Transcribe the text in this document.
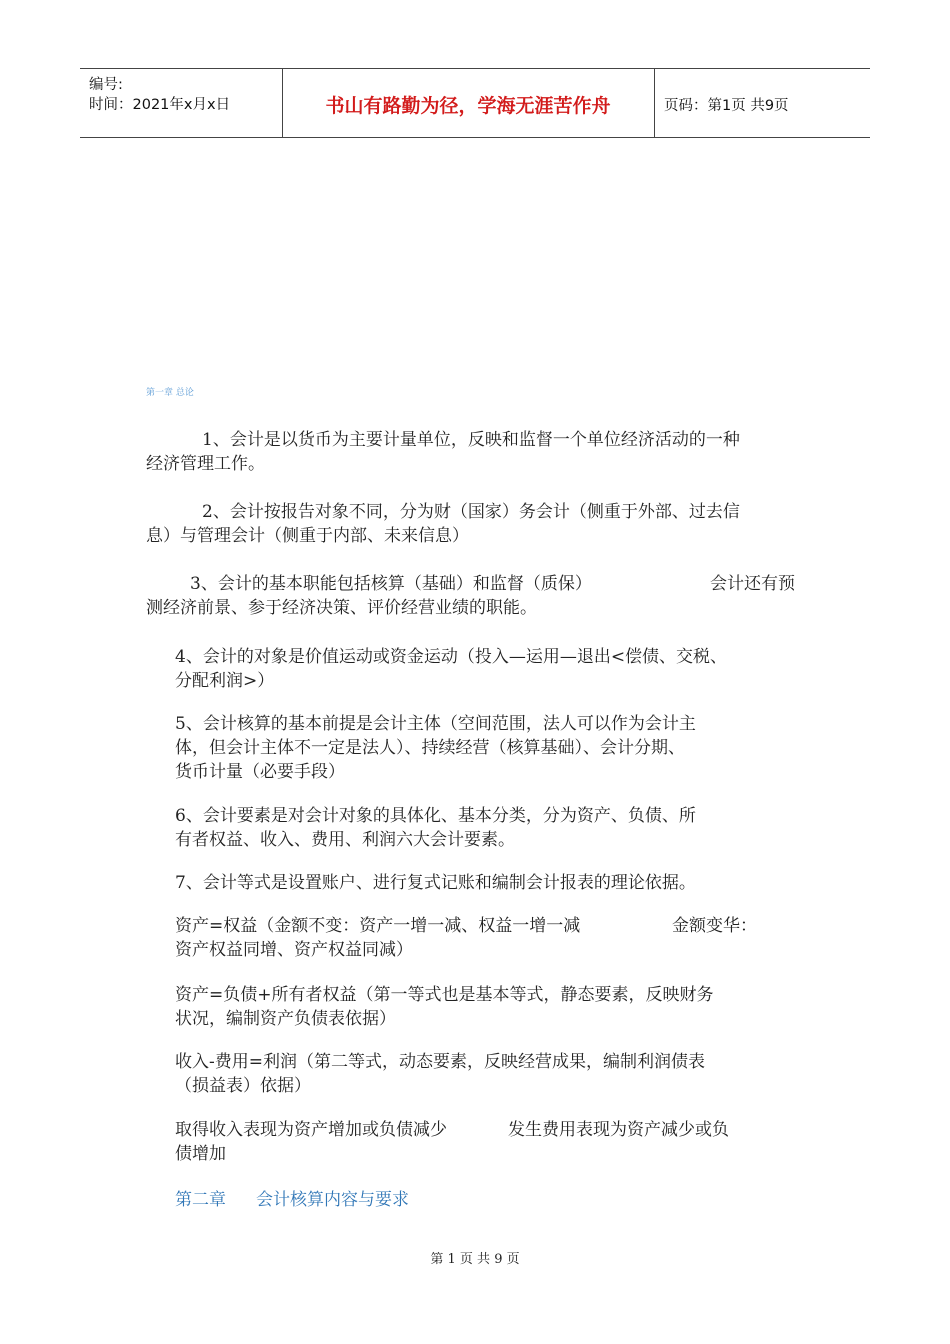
编号:
时间：2021年x月x日	书山有路勤为径，学海无涯苦作舟	页码：第1页 共9页
第一章 总论
1、会计是以货币为主要计量单位，反映和监督一个单位经济活动的一种
经济管理工作。
2、会计按报告对象不同，分为财（国家）务会计（侧重于外部、过去信
息）与管理会计（侧重于内部、未来信息）
3、会计的基本职能包括核算（基础）和监督（质保）	会计还有预
测经济前景、参于经济决策、评价经营业绩的职能。
4、会计的对象是价值运动或资金运动（投入—运用—退出<偿债、交税、
分配利润>）
5、会计核算的基本前提是会计主体（空间范围，法人可以作为会计主
体，但会计主体不一定是法人）、持续经营（核算基础）、会计分期、
货币计量（必要手段）
6、会计要素是对会计对象的具体化、基本分类，分为资产、负债、所
有者权益、收入、费用、利润六大会计要素。
7、会计等式是设置账户、进行复式记账和编制会计报表的理论依据。
资产=权益（金额不变：资产一增一减、权益一增一减	金额变华：
资产权益同增、资产权益同减）
资产=负债+所有者权益（第一等式也是基本等式，静态要素，反映财务
状况，编制资产负债表依据）
收入-费用=利润（第二等式，动态要素，反映经营成果，编制利润债表
（损益表）依据）
取得收入表现为资产增加或负债减少	发生费用表现为资产减少或负
债增加
第二章 会计核算内容与要求
第 1 页 共 9 页
